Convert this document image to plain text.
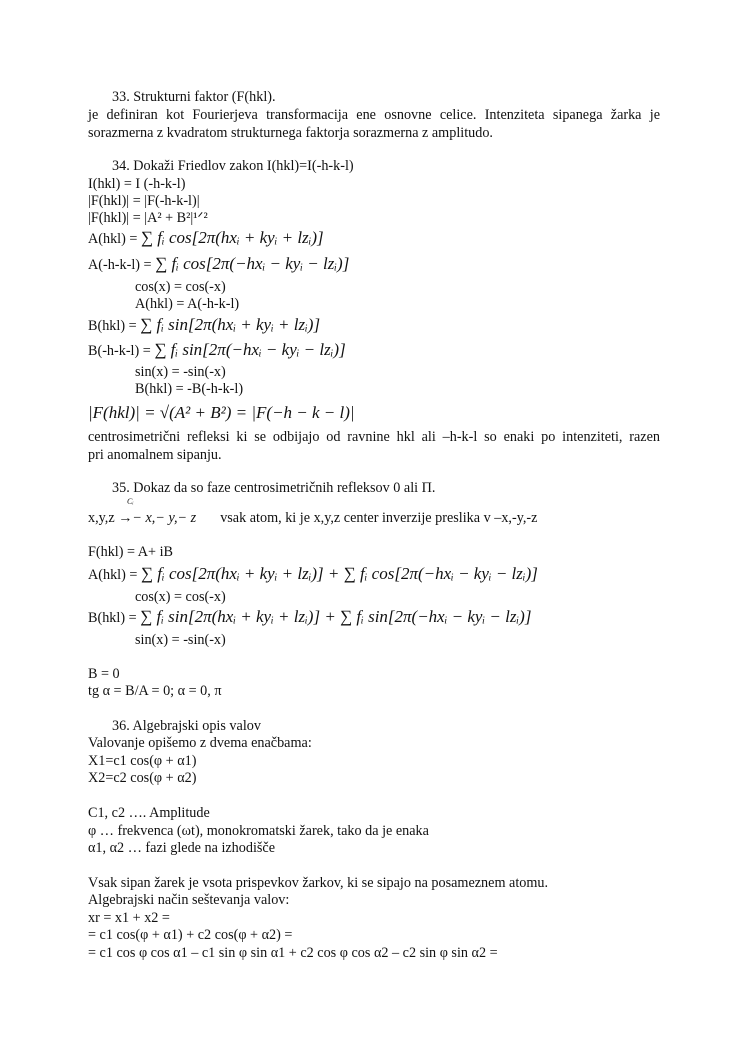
33. Strukturni faktor (F(hkl).
je definiran kot Fourierjeva transformacija ene osnovne celice. Intenziteta sipanega žarka je
sorazmerna z kvadratom strukturnega faktorja sorazmerna z amplitudo.
34. Dokaži Friedlov zakon I(hkl)=I(-h-k-l)
I(hkl) = I (-h-k-l)
|F(hkl)| = |F(-h-k-l)|
|F(hkl)| = |A² + B²|¹ᐟ²
A(hkl) = ∑ fᵢ cos[2π(hxᵢ + kyᵢ + lzᵢ)]
A(-h-k-l) = ∑ fᵢ cos[2π(−hxᵢ − kyᵢ − lzᵢ)]
cos(x) = cos(-x)
A(hkl) = A(-h-k-l)
B(hkl) = ∑ fᵢ sin[2π(hxᵢ + kyᵢ + lzᵢ)]
B(-h-k-l) = ∑ fᵢ sin[2π(−hxᵢ − kyᵢ − lzᵢ)]
sin(x) = -sin(-x)
B(hkl) = -B(-h-k-l)
|F(hkl)| = √(A² + B²) = |F(−h − k − l)|
centrosimetrični refleksi ki se odbijajo od ravnine hkl ali –h-k-l so enaki po intenziteti, razen
pri anomalnem sipanju.
35. Dokaz da so faze centrosimetričnih refleksov 0 ali Π.
Cᵢ
x,y,z →− x,− y,− z vsak atom, ki je x,y,z center inverzije preslika v –x,-y,-z
F(hkl) = A+ iB
A(hkl) = ∑ fᵢ cos[2π(hxᵢ + kyᵢ + lzᵢ)] + ∑ fᵢ cos[2π(−hxᵢ − kyᵢ − lzᵢ)]
cos(x) = cos(-x)
B(hkl) = ∑ fᵢ sin[2π(hxᵢ + kyᵢ + lzᵢ)] + ∑ fᵢ sin[2π(−hxᵢ − kyᵢ − lzᵢ)]
sin(x) = -sin(-x)
B = 0
tg α = B/A = 0; α = 0, π
36. Algebrajski opis valov
Valovanje opišemo z dvema enačbama:
X1=c1 cos(φ + α1)
X2=c2 cos(φ + α2)
C1, c2 …. Amplitude
φ … frekvenca (ωt), monokromatski žarek, tako da je enaka
α1, α2 … fazi glede na izhodišče
Vsak sipan žarek je vsota prispevkov žarkov, ki se sipajo na posameznem atomu.
Algebrajski način seštevanja valov:
xr = x1 + x2 =
= c1 cos(φ + α1) + c2 cos(φ + α2) =
= c1 cos φ cos α1 – c1 sin φ sin α1 + c2 cos φ cos α2 – c2 sin φ sin α2 =
